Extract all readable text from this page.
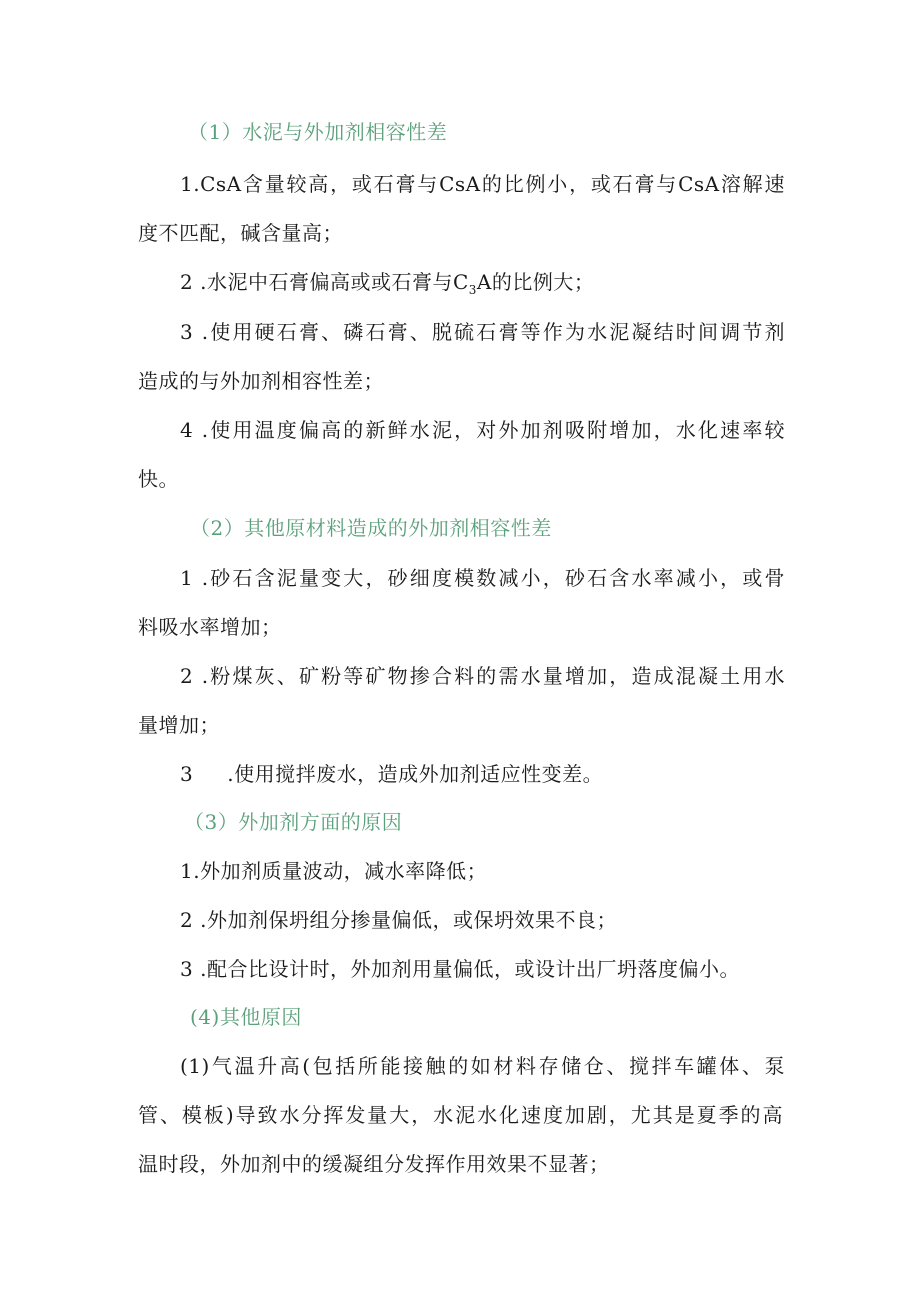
（1）水泥与外加剂相容性差
1.CsA含量较高，或石膏与CsA的比例小，或石膏与CsA溶解速
度不匹配，碱含量高；
2 .水泥中石膏偏高或或石膏与$C_3A$的比例大；
3 .使用硬石膏、磷石膏、脱硫石膏等作为水泥凝结时间调节剂
造成的与外加剂相容性差；
4 .使用温度偏高的新鲜水泥，对外加剂吸附增加，水化速率较
快。
（2）其他原材料造成的外加剂相容性差
1 .砂石含泥量变大，砂细度模数减小，砂石含水率减小，或骨
料吸水率增加；
2 .粉煤灰、矿粉等矿物掺合料的需水量增加，造成混凝土用水
量增加；
3 .使用搅拌废水，造成外加剂适应性变差。
（3）外加剂方面的原因
1.外加剂质量波动，减水率降低；
2 .外加剂保坍组分掺量偏低，或保坍效果不良；
3 .配合比设计时，外加剂用量偏低，或设计出厂坍落度偏小。
(4)其他原因
(1)气温升高(包括所能接触的如材料存储仓、搅拌车罐体、泵
管、模板)导致水分挥发量大，水泥水化速度加剧，尤其是夏季的高
温时段，外加剂中的缓凝组分发挥作用效果不显著；
